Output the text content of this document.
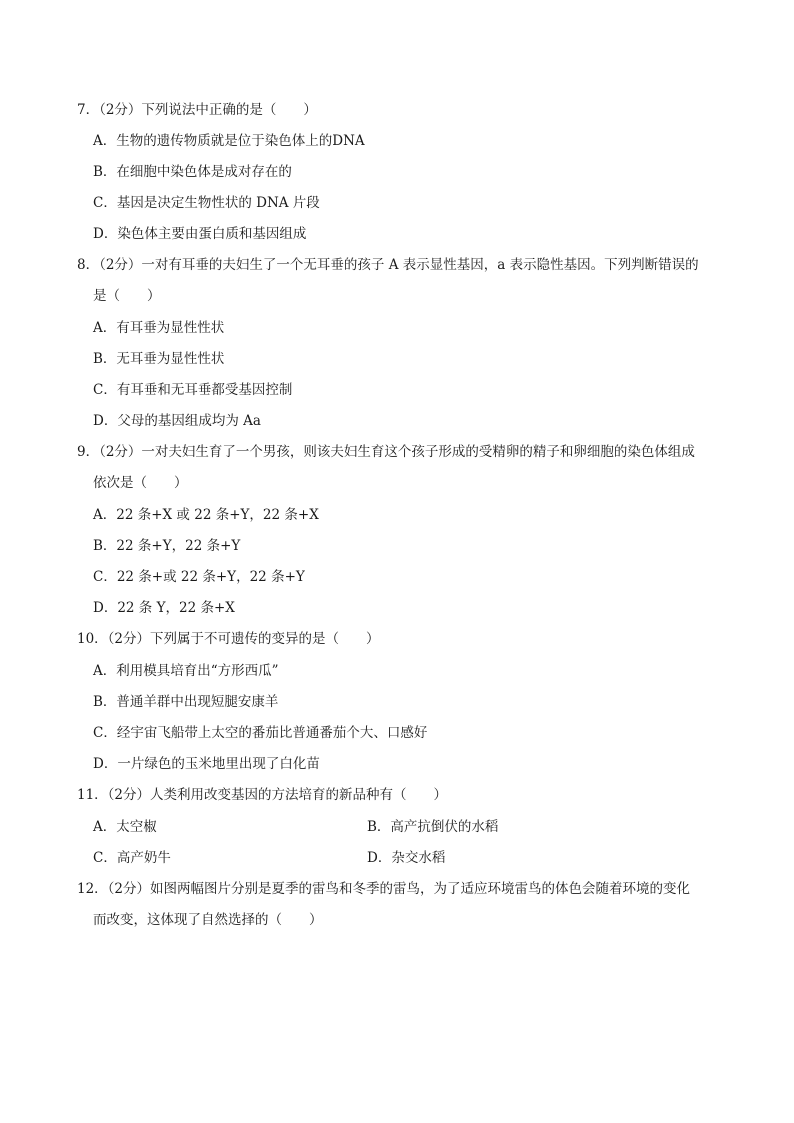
7．（2分）下列说法中正确的是（　　）
A．生物的遗传物质就是位于染色体上的DNA
B．在细胞中染色体是成对存在的
C．基因是决定生物性状的 DNA 片段
D．染色体主要由蛋白质和基因组成
8．（2分）一对有耳垂的夫妇生了一个无耳垂的孩子 A 表示显性基因，a 表示隐性基因。下列判断错误的
是（　　）
A．有耳垂为显性性状
B．无耳垂为显性性状
C．有耳垂和无耳垂都受基因控制
D．父母的基因组成均为 Aa
9．（2分）一对夫妇生育了一个男孩，则该夫妇生育这个孩子形成的受精卵的精子和卵细胞的染色体组成
依次是（　　）
A．22 条+X 或 22 条+Y，22 条+X
B．22 条+Y，22 条+Y
C．22 条+或 22 条+Y，22 条+Y
D．22 条 Y，22 条+X
10．（2分）下列属于不可遗传的变异的是（　　）
A．利用模具培育出“方形西瓜”
B．普通羊群中出现短腿安康羊
C．经宇宙飞船带上太空的番茄比普通番茄个大、口感好
D．一片绿色的玉米地里出现了白化苗
11．（2分）人类利用改变基因的方法培育的新品种有（　　）
A．太空椒	B．高产抗倒伏的水稻
C．高产奶牛	D．杂交水稻
12．（2分）如图两幅图片分别是夏季的雷鸟和冬季的雷鸟，为了适应环境雷鸟的体色会随着环境的变化
而改变，这体现了自然选择的（　　）
